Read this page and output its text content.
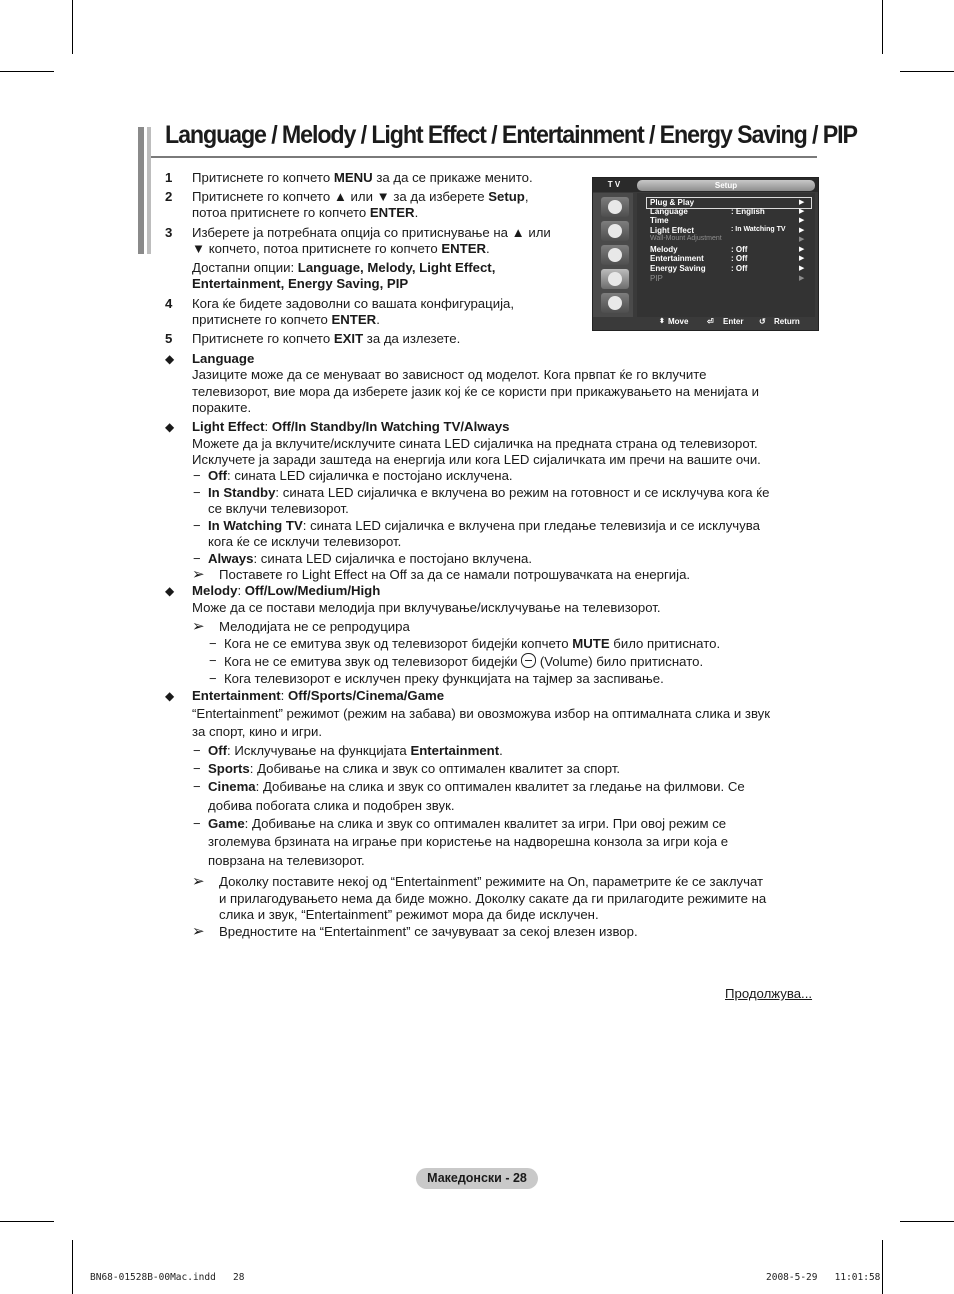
Language / Melody / Light Effect / Entertainment / Energy Saving / PIP
1 Притиснете го копчето MENU за да се прикаже менито.
2 Притиснете го копчето ▲ или ▼ за да изберете Setup,
потоа притиснете го копчето ENTER.
3 Изберете ја потребната опција со притиснување на ▲ или
▼ копчето, потоа притиснете го копчето ENTER.
Достапни опции: Language, Melody, Light Effect,
Entertainment, Energy Saving, PIP
4 Кога ќе бидете задоволни со вашата конфигурација,
притиснете го копчето ENTER.
5 Притиснете го копчето EXIT за да излезете.
T V	Setup
Plug & Play	▶
Language	: English	▶
Time	▶
Light Effect	: In Watching TV ▶
Wall-Mount Adjustment	▶
Melody	: Off	▶
Entertainment	: Off	▶
Energy Saving	: Off	▶
PIP	▶
⬍ Move ⏎ Enter ↺ Return
◆ Language
Јазиците може да се менуваат во зависност од моделот. Кога првпат ќе го вклучите
телевизорот, вие мора да изберете јазик кој ќе се користи при прикажувањето на менијата и
пораките.
◆ Light Effect: Off/In Standby/In Watching TV/Always
Можете да ја вклучите/исклучите сината LED сијаличка на предната страна од телевизорот.
Исклучете ја заради заштеда на енергија или кога LED сијаличката им пречи на вашите очи.
− Off: сината LED сијаличка е постојано исклучена.
− In Standby: сината LED сијаличка е вклучена во режим на готовност и се исклучува кога ќе
се вклучи телевизорот.
− In Watching TV: сината LED сијаличка е вклучена при гледање телевизија и се исклучува
кога ќе се исклучи телевизорот.
− Always: сината LED сијаличка е постојано вклучена.
➢ Поставете го Light Effect на Off за да се намали потрошувачката на енергија.
◆ Melody: Off/Low/Medium/High
Може да се постави мелодија при вклучување/исклучување на телевизорот.
➢ Мелодијата не се репродуцира
− Кога не се емитува звук од телевизорот бидејќи копчето MUTE било притиснато.
− Кога не се емитува звук од телевизорот бидејќи  (Volume) било притиснато.
− Кога телевизорот е исклучен преку функцијата на тајмер за заспивање.
◆ Entertainment: Off/Sports/Cinema/Game
“Entertainment” режимот (режим на забава) ви овозможува избор на оптималната слика и звук
за спорт, кино и игри.
− Off: Исклучување на функцијата Entertainment.
− Sports: Добивање на слика и звук со оптимален квалитет за спорт.
− Cinema: Добивање на слика и звук со оптимален квалитет за гледање на филмови. Се
добива побогата слика и подобрен звук.
− Game: Добивање на слика и звук со оптимален квалитет за игри. При овој режим се
зголемува брзината на играње при користење на надворешна конзола за игри која е
поврзана на телевизорот.
➢ Доколку поставите некој од “Entertainment” режимите на On, параметрите ќе се заклучат
и прилагодувањето нема да биде можно. Доколку сакате да ги прилагодите режимите на
слика и звук, “Entertainment” режимот мора да биде исклучен.
➢ Вредностите на “Entertainment” се зачувуваат за секој влезен извор.
Продолжува...
Македонски - 28
BN68-01528B-00Mac.indd   28	2008-5-29   11:01:58
